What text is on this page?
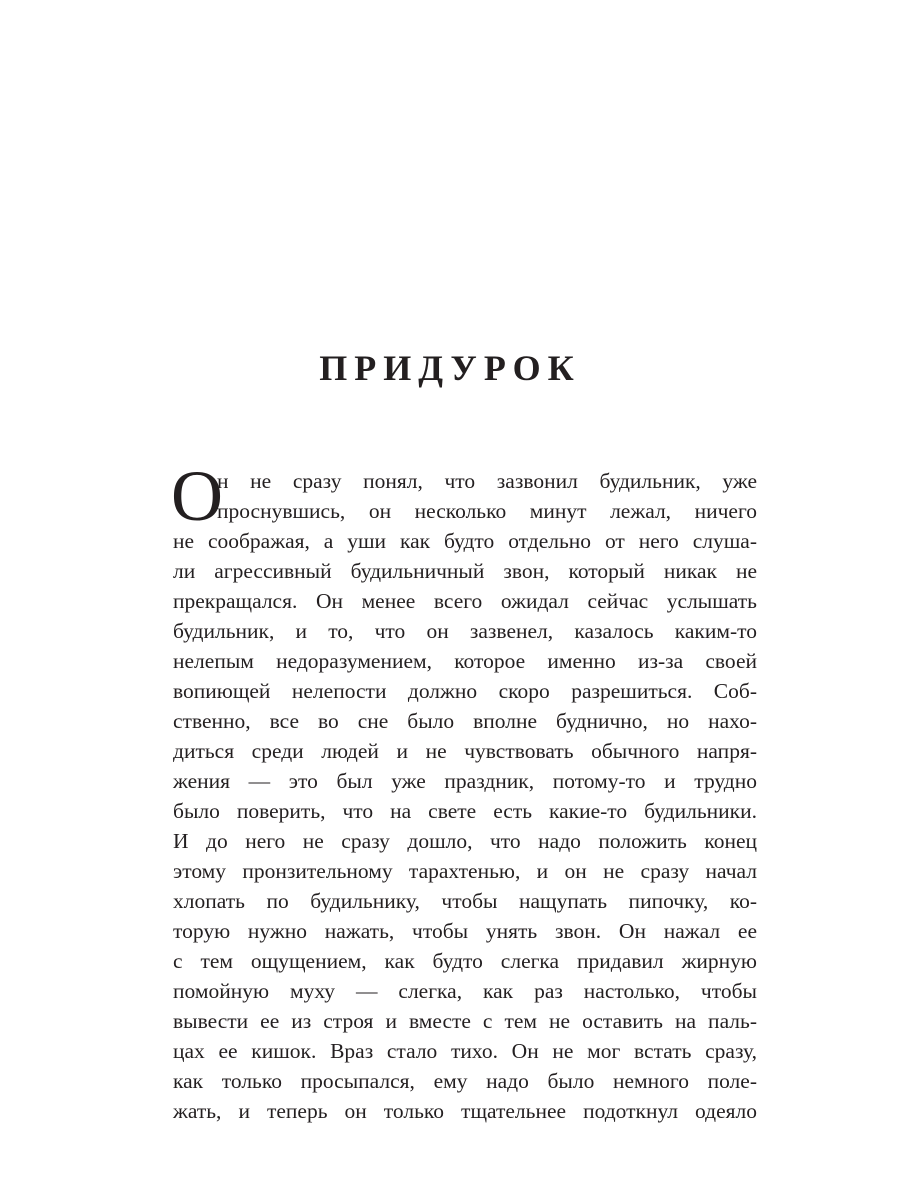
ПРИДУРОК
О
н не сразу понял, что зазвонил будильник, уже
проснувшись, он несколько минут лежал, ничего
не соображая, а уши как будто отдельно от него слуша-
ли агрессивный будильничный звон, который никак не
прекращался. Он менее всего ожидал сейчас услышать
будильник, и то, что он зазвенел, казалось каким-то
нелепым недоразумением, которое именно из-за своей
вопиющей нелепости должно скоро разрешиться. Соб-
ственно, все во сне было вполне буднично, но нахо-
диться среди людей и не чувствовать обычного напря-
жения — это был уже праздник, потому-то и трудно
было поверить, что на свете есть какие-то будильники.
И до него не сразу дошло, что надо положить конец
этому пронзительному тарахтенью, и он не сразу начал
хлопать по будильнику, чтобы нащупать пипочку, ко-
торую нужно нажать, чтобы унять звон. Он нажал ее
с тем ощущением, как будто слегка придавил жирную
помойную муху — слегка, как раз настолько, чтобы
вывести ее из строя и вместе с тем не оставить на паль-
цах ее кишок. Враз стало тихо. Он не мог встать сразу,
как только просыпался, ему надо было немного поле-
жать, и теперь он только тщательнее подоткнул одеяло
